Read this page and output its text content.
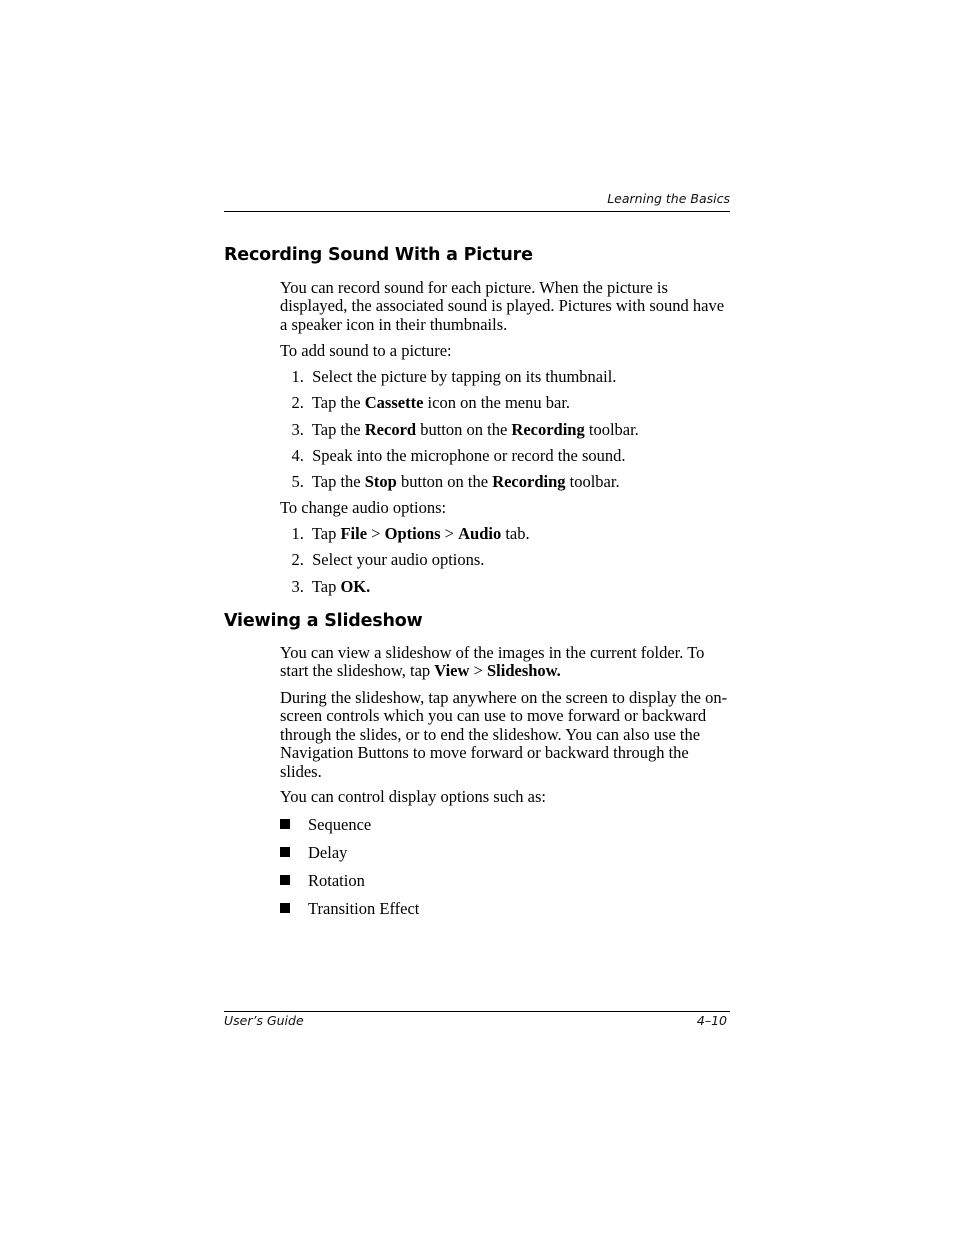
Learning the Basics
Recording Sound With a Picture

You can record sound for each picture. When the picture is displayed, the associated sound is played. Pictures with sound have a speaker icon in their thumbnails.

To add sound to a picture:

1.  Select the picture by tapping on its thumbnail.
2.  Tap the Cassette icon on the menu bar.
3.  Tap the Record button on the Recording toolbar.
4.  Speak into the microphone or record the sound.
5.  Tap the Stop button on the Recording toolbar.

To change audio options:

1.  Tap File > Options > Audio tab.
2.  Select your audio options.
3.  Tap OK.
Viewing a Slideshow

You can view a slideshow of the images in the current folder. To start the slideshow, tap View > Slideshow.

During the slideshow, tap anywhere on the screen to display the on-screen controls which you can use to move forward or backward through the slides, or to end the slideshow. You can also use the Navigation Buttons to move forward or backward through the slides.

You can control display options such as:

Sequence
Delay
Rotation
Transition Effect
User’s Guide	4–10
